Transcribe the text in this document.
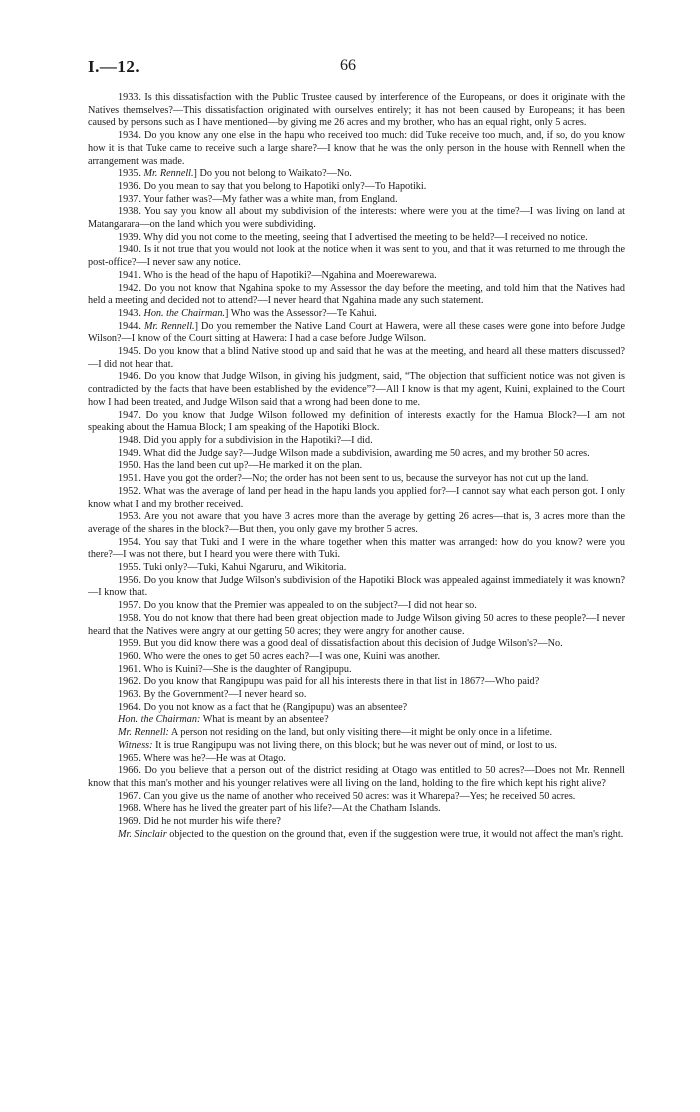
I.—12.	66

1933. Is this dissatisfaction with the Public Trustee caused by interference of the Europeans, or does it originate with the Natives themselves?—This dissatisfaction originated with ourselves entirely; it has not been caused by Europeans; it has been caused by persons such as I have mentioned—by giving me 26 acres and my brother, who has an equal right, only 5 acres.

1934. Do you know any one else in the hapu who received too much: did Tuke receive too much, and, if so, do you know how it is that Tuke came to receive such a large share?—I know that he was the only person in the house with Rennell when the arrangement was made.

1935. Mr. Rennell.] Do you not belong to Waikato?—No.

1936. Do you mean to say that you belong to Hapotiki only?—To Hapotiki.

1937. Your father was?—My father was a white man, from England.

1938. You say you know all about my subdivision of the interests: where were you at the time?—I was living on land at Matangarara—on the land which you were subdividing.

1939. Why did you not come to the meeting, seeing that I advertised the meeting to be held?—I received no notice.

1940. Is it not true that you would not look at the notice when it was sent to you, and that it was returned to me through the post-office?—I never saw any notice.

1941. Who is the head of the hapu of Hapotiki?—Ngahina and Moerewarewa.

1942. Do you not know that Ngahina spoke to my Assessor the day before the meeting, and told him that the Natives had held a meeting and decided not to attend?—I never heard that Ngahina made any such statement.

1943. Hon. the Chairman.] Who was the Assessor?—Te Kahui.

1944. Mr. Rennell.] Do you remember the Native Land Court at Hawera, were all these cases were gone into before Judge Wilson?—I know of the Court sitting at Hawera: I had a case before Judge Wilson.

1945. Do you know that a blind Native stood up and said that he was at the meeting, and heard all these matters discussed?—I did not hear that.

1946. Do you know that Judge Wilson, in giving his judgment, said, “The objection that sufficient notice was not given is contradicted by the facts that have been established by the evidence”?—All I know is that my agent, Kuini, explained to the Court how I had been treated, and Judge Wilson said that a wrong had been done to me.

1947. Do you know that Judge Wilson followed my definition of interests exactly for the Hamua Block?—I am not speaking about the Hamua Block; I am speaking of the Hapotiki Block.

1948. Did you apply for a subdivision in the Hapotiki?—I did.

1949. What did the Judge say?—Judge Wilson made a subdivision, awarding me 50 acres, and my brother 50 acres.

1950. Has the land been cut up?—He marked it on the plan.

1951. Have you got the order?—No; the order has not been sent to us, because the surveyor has not cut up the land.

1952. What was the average of land per head in the hapu lands you applied for?—I cannot say what each person got. I only know what I and my brother received.

1953. Are you not aware that you have 3 acres more than the average by getting 26 acres—that is, 3 acres more than the average of the shares in the block?—But then, you only gave my brother 5 acres.

1954. You say that Tuki and I were in the whare together when this matter was arranged: how do you know? were you there?—I was not there, but I heard you were there with Tuki.

1955. Tuki only?—Tuki, Kahui Ngaruru, and Wikitoria.

1956. Do you know that Judge Wilson's subdivision of the Hapotiki Block was appealed against immediately it was known?—I know that.

1957. Do you know that the Premier was appealed to on the subject?—I did not hear so.

1958. You do not know that there had been great objection made to Judge Wilson giving 50 acres to these people?—I never heard that the Natives were angry at our getting 50 acres; they were angry for another cause.

1959. But you did know there was a good deal of dissatisfaction about this decision of Judge Wilson's?—No.

1960. Who were the ones to get 50 acres each?—I was one, Kuini was another.

1961. Who is Kuini?—She is the daughter of Rangipupu.

1962. Do you know that Rangipupu was paid for all his interests there in that list in 1867?—Who paid?

1963. By the Government?—I never heard so.

1964. Do you not know as a fact that he (Rangipupu) was an absentee?

Hon. the Chairman: What is meant by an absentee?

Mr. Rennell: A person not residing on the land, but only visiting there—it might be only once in a lifetime.

Witness: It is true Rangipupu was not living there, on this block; but he was never out of mind, or lost to us.

1965. Where was he?—He was at Otago.

1966. Do you believe that a person out of the district residing at Otago was entitled to 50 acres?—Does not Mr. Rennell know that this man's mother and his younger relatives were all living on the land, holding to the fire which kept his right alive?

1967. Can you give us the name of another who received 50 acres: was it Wharepa?—Yes; he received 50 acres.

1968. Where has he lived the greater part of his life?—At the Chatham Islands.

1969. Did he not murder his wife there?

Mr. Sinclair objected to the question on the ground that, even if the suggestion were true, it would not affect the man's right.
